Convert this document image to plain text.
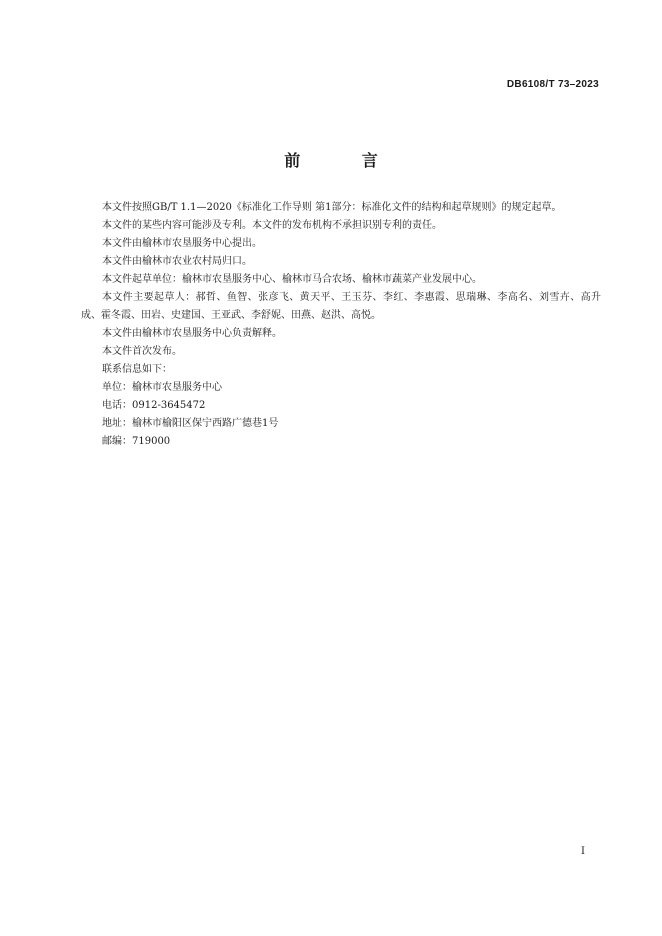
DB6108/T 73–2023
前 言

本文件按照GB/T 1.1—2020《标准化工作导则 第1部分：标准化文件的结构和起草规则》的规定起草。

本文件的某些内容可能涉及专利。本文件的发布机构不承担识别专利的责任。

本文件由榆林市农垦服务中心提出。

本文件由榆林市农业农村局归口。

本文件起草单位：榆林市农垦服务中心、榆林市马合农场、榆林市蔬菜产业发展中心。

本文件主要起草人：郝哲、鱼智、张彦飞、黄天平、王玉芬、李红、李惠霞、思瑞琳、李高名、刘雪卉、高升成、霍冬霞、田岩、史建国、王亚武、李舒妮、田燕、赵洪、高悦。

本文件由榆林市农垦服务中心负责解释。

本文件首次发布。

联系信息如下：

单位：榆林市农垦服务中心

电话：0912-3645472

地址：榆林市榆阳区保宁西路广德巷1号

邮编：719000

I
